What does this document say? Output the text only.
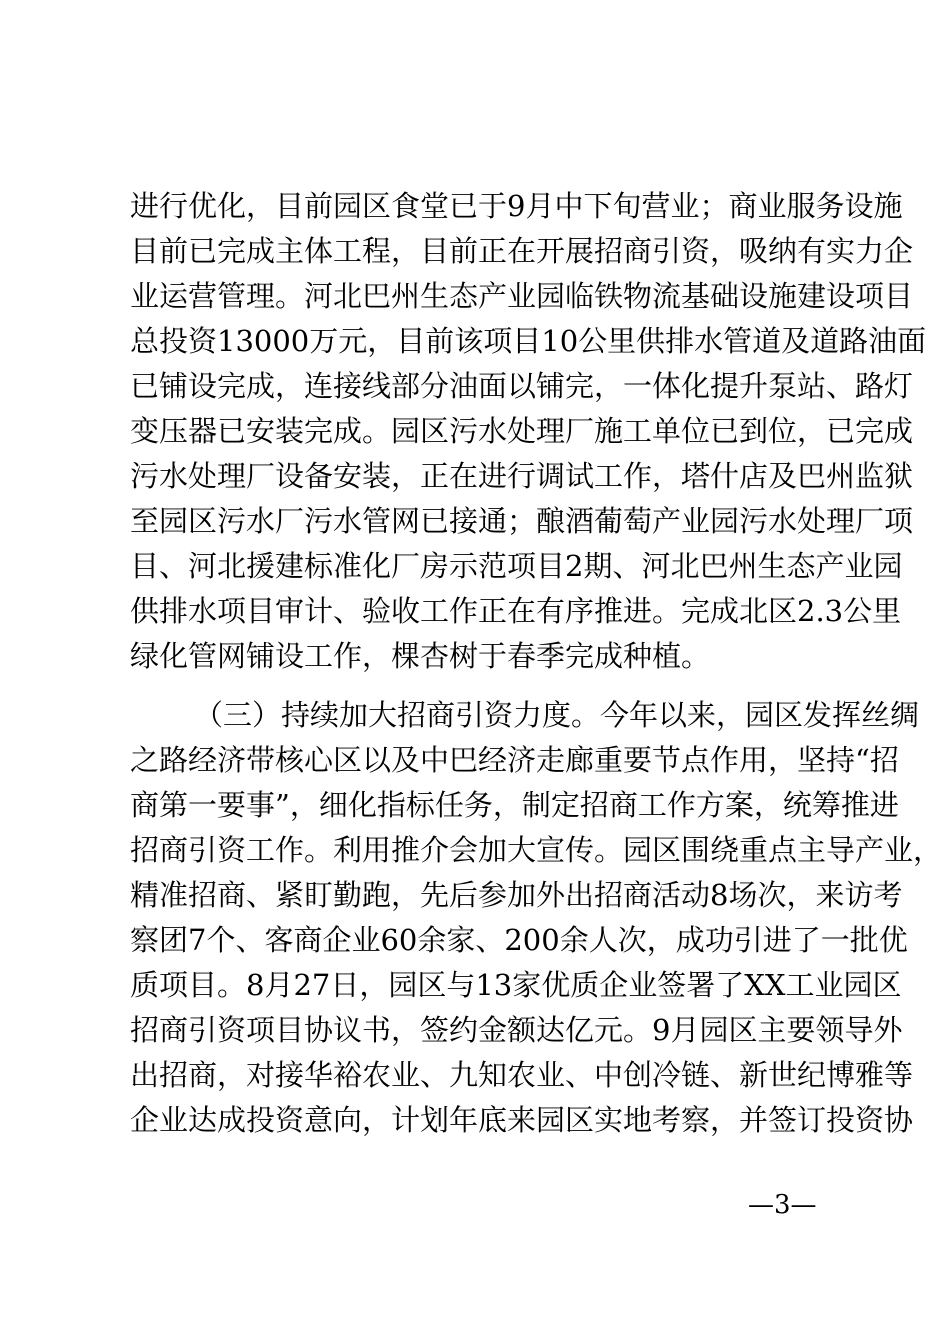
进行优化，目前园区食堂已于9月中下旬营业；商业服务设施
目前已完成主体工程，目前正在开展招商引资，吸纳有实力企
业运营管理。河北巴州生态产业园临铁物流基础设施建设项目
总投资13000万元，目前该项目10公里供排水管道及道路油面
已铺设完成，连接线部分油面以铺完，一体化提升泵站、路灯
变压器已安装完成。园区污水处理厂施工单位已到位，已完成
污水处理厂设备安装，正在进行调试工作，塔什店及巴州监狱
至园区污水厂污水管网已接通；酿酒葡萄产业园污水处理厂项
目、河北援建标准化厂房示范项目2期、河北巴州生态产业园
供排水项目审计、验收工作正在有序推进。完成北区2.3公里
绿化管网铺设工作，棵杏树于春季完成种植。
（三）持续加大招商引资力度。今年以来，园区发挥丝绸
之路经济带核心区以及中巴经济走廊重要节点作用，坚持“招
商第一要事”，细化指标任务，制定招商工作方案，统筹推进
招商引资工作。利用推介会加大宣传。园区围绕重点主导产业，
精准招商、紧盯勤跑，先后参加外出招商活动8场次，来访考
察团7个、客商企业60余家、200余人次，成功引进了一批优
质项目。8月27日，园区与13家优质企业签署了XX工业园区
招商引资项目协议书，签约金额达亿元。9月园区主要领导外
出招商，对接华裕农业、九知农业、中创冷链、新世纪博雅等
企业达成投资意向，计划年底来园区实地考察，并签订投资协
—3—
